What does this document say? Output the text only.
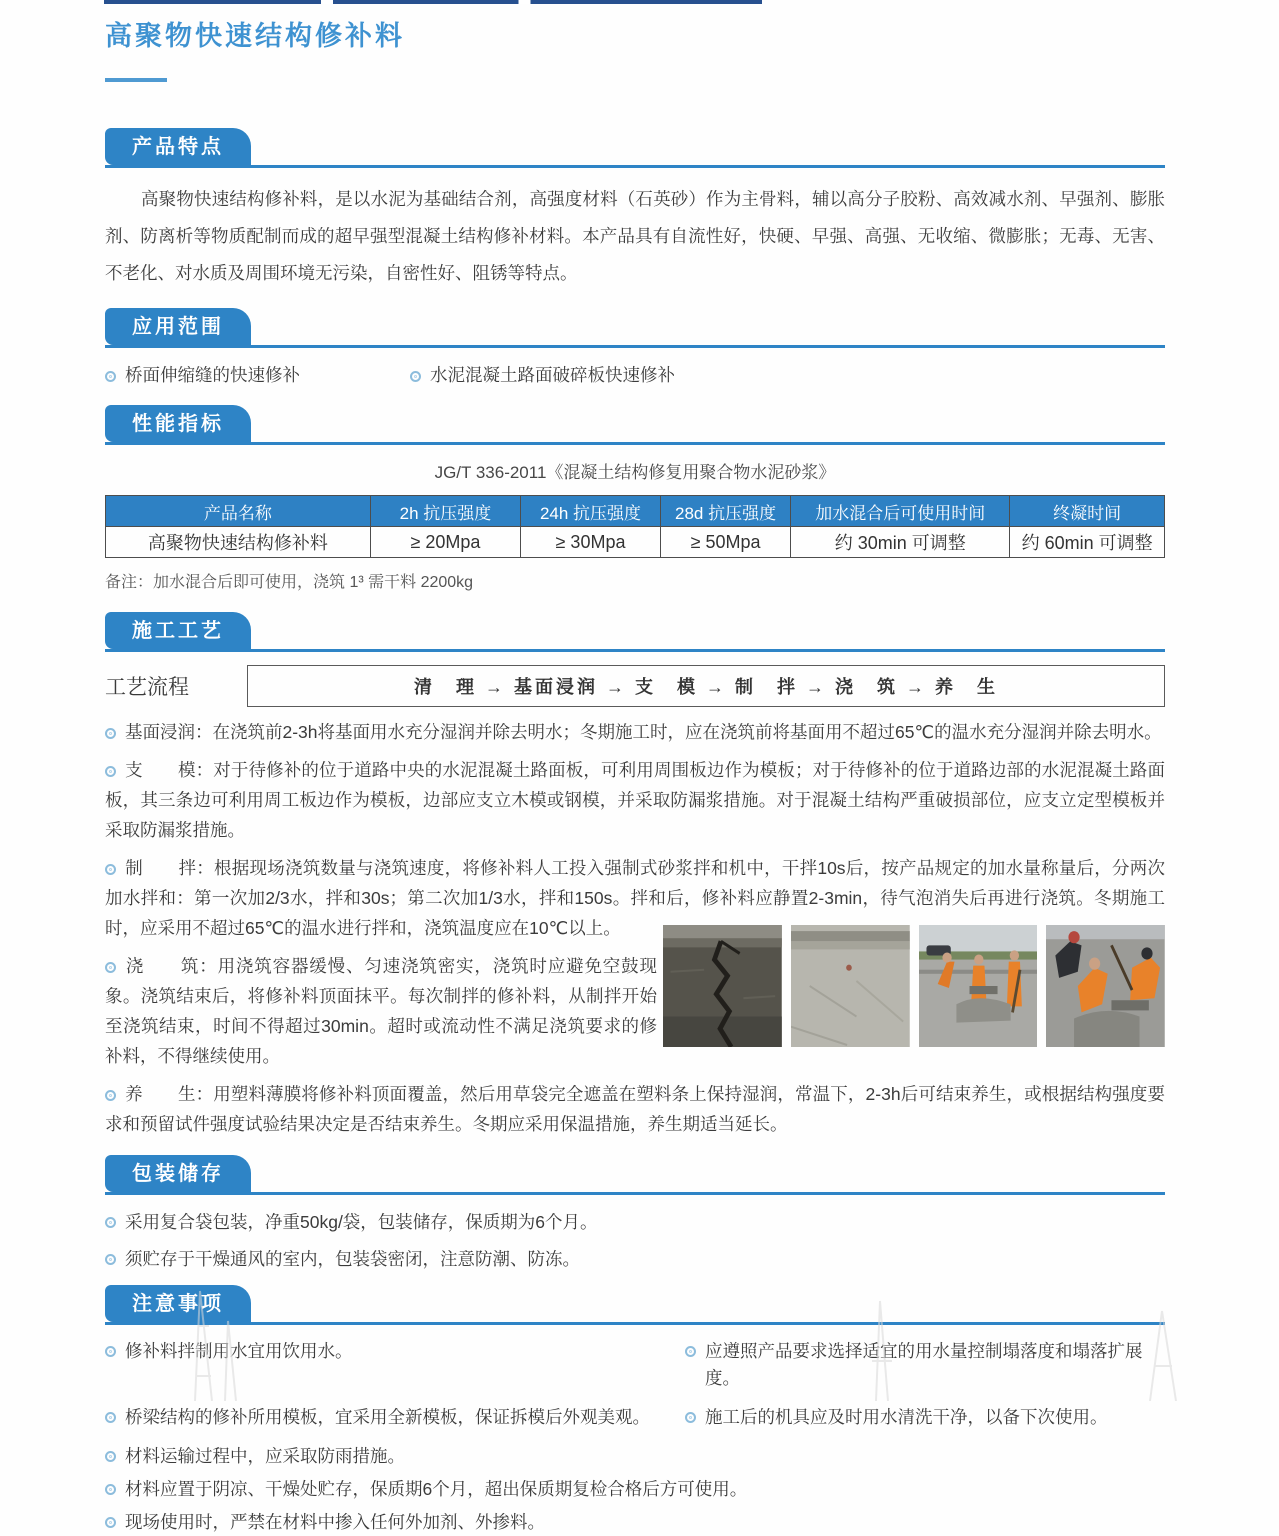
高聚物快速结构修补料
产品特点

高聚物快速结构修补料，是以水泥为基础结合剂，高强度材料（石英砂）作为主骨料，辅以高分子胶粉、高效减水剂、早强剂、膨胀剂、防离析等物质配制而成的超早强型混凝土结构修补材料。本产品具有自流性好，快硬、早强、高强、无收缩、微膨胀；无毒、无害、不老化、对水质及周围环境无污染，自密性好、阻锈等特点。

应用范围
桥面伸缩缝的快速修补	水泥混凝土路面破碎板快速修补
性能指标
JG/T 336-2011《混凝土结构修复用聚合物水泥砂浆》
产品名称	2h 抗压强度	24h 抗压强度	28d 抗压强度	加水混合后可使用时间	终凝时间
高聚物快速结构修补料	≥ 20Mpa	≥ 30Mpa	≥ 50Mpa	约 30min 可调整	约 60min 可调整
备注：加水混合后即可使用，浇筑 1³ 需干料 2200kg
施工工艺
工艺流程	清　理 → 基面浸润 → 支　模 → 制　拌 → 浇　筑 → 养　生
基面浸润：在浇筑前2-3h将基面用水充分湿润并除去明水；冬期施工时，应在浇筑前将基面用不超过65℃的温水充分湿润并除去明水。
支　　模：对于待修补的位于道路中央的水泥混凝土路面板，可利用周围板边作为模板；对于待修补的位于道路边部的水泥混凝土路面板，其三条边可利用周工板边作为模板，边部应支立木模或钢模，并采取防漏浆措施。对于混凝土结构严重破损部位，应支立定型模板并采取防漏浆措施。
制　　拌：根据现场浇筑数量与浇筑速度，将修补料人工投入强制式砂浆拌和机中，干拌10s后，按产品规定的加水量称量后，分两次加水拌和：第一次加2/3水，拌和30s；第二次加1/3水，拌和150s。拌和后，修补料应静置2-3min，待气泡消失后再进行浇筑。冬期施工时，应采用不超过65℃的温水进行拌和，浇筑温度应在10℃以上。
浇　　筑：用浇筑容器缓慢、匀速浇筑密实，浇筑时应避免空鼓现象。浇筑结束后，将修补料顶面抹平。每次制拌的修补料，从制拌开始至浇筑结束，时间不得超过30min。超时或流动性不满足浇筑要求的修补料，不得继续使用。
养　　生：用塑料薄膜将修补料顶面覆盖，然后用草袋完全遮盖在塑料条上保持湿润，常温下，2-3h后可结束养生，或根据结构强度要求和预留试件强度试验结果决定是否结束养生。冬期应采用保温措施，养生期适当延长。
包装储存
采用复合袋包装，净重50kg/袋，包装储存，保质期为6个月。
须贮存于干燥通风的室内，包装袋密闭，注意防潮、防冻。
注意事项
修补料拌制用水宜用饮用水。	应遵照产品要求选择适宜的用水量控制塌落度和塌落扩展度。
桥梁结构的修补所用模板，宜采用全新模板，保证拆模后外观美观。	施工后的机具应及时用水清洗干净，以备下次使用。
材料运输过程中，应采取防雨措施。
材料应置于阴凉、干燥处贮存，保质期6个月，超出保质期复检合格后方可使用。
现场使用时，严禁在材料中掺入任何外加剂、外掺料。
